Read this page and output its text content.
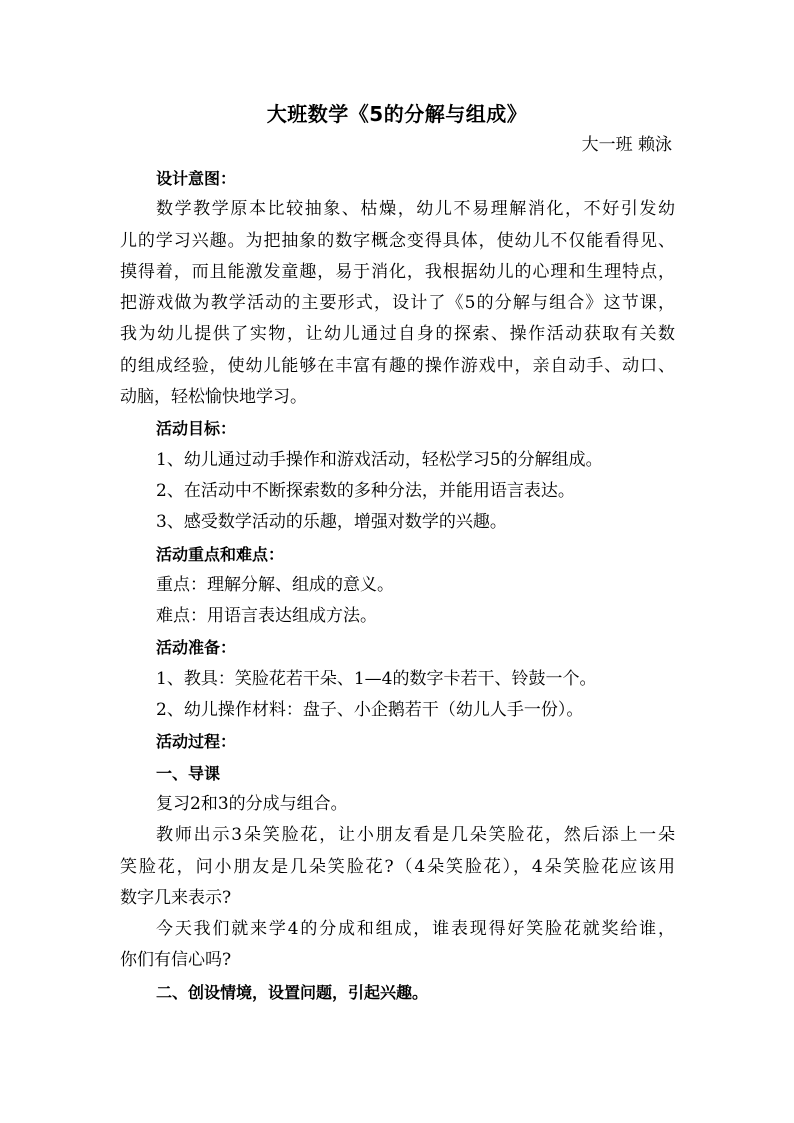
大班数学《5的分解与组成》
大一班 赖泳
设计意图：
数学教学原本比较抽象、枯燥，幼儿不易理解消化，不好引发幼
儿的学习兴趣。为把抽象的数字概念变得具体，使幼儿不仅能看得见、
摸得着，而且能激发童趣，易于消化，我根据幼儿的心理和生理特点，
把游戏做为教学活动的主要形式，设计了《5的分解与组合》这节课，
我为幼儿提供了实物，让幼儿通过自身的探索、操作活动获取有关数
的组成经验，使幼儿能够在丰富有趣的操作游戏中，亲自动手、动口、
动脑，轻松愉快地学习。
活动目标：
1、幼儿通过动手操作和游戏活动，轻松学习5的分解组成。
2、在活动中不断探索数的多种分法，并能用语言表达。
3、感受数学活动的乐趣，增强对数学的兴趣。
活动重点和难点：
重点：理解分解、组成的意义。
难点：用语言表达组成方法。
活动准备：
1、教具：笑脸花若干朵、1—4的数字卡若干、铃鼓一个。
2、幼儿操作材料：盘子、小企鹅若干（幼儿人手一份）。
活动过程：
一、导课
复习2和3的分成与组合。
教师出示3朵笑脸花，让小朋友看是几朵笑脸花，然后添上一朵
笑脸花，问小朋友是几朵笑脸花?（4朵笑脸花），4朵笑脸花应该用
数字几来表示?
今天我们就来学4的分成和组成，谁表现得好笑脸花就奖给谁，
你们有信心吗?
二、创设情境，设置问题，引起兴趣。
